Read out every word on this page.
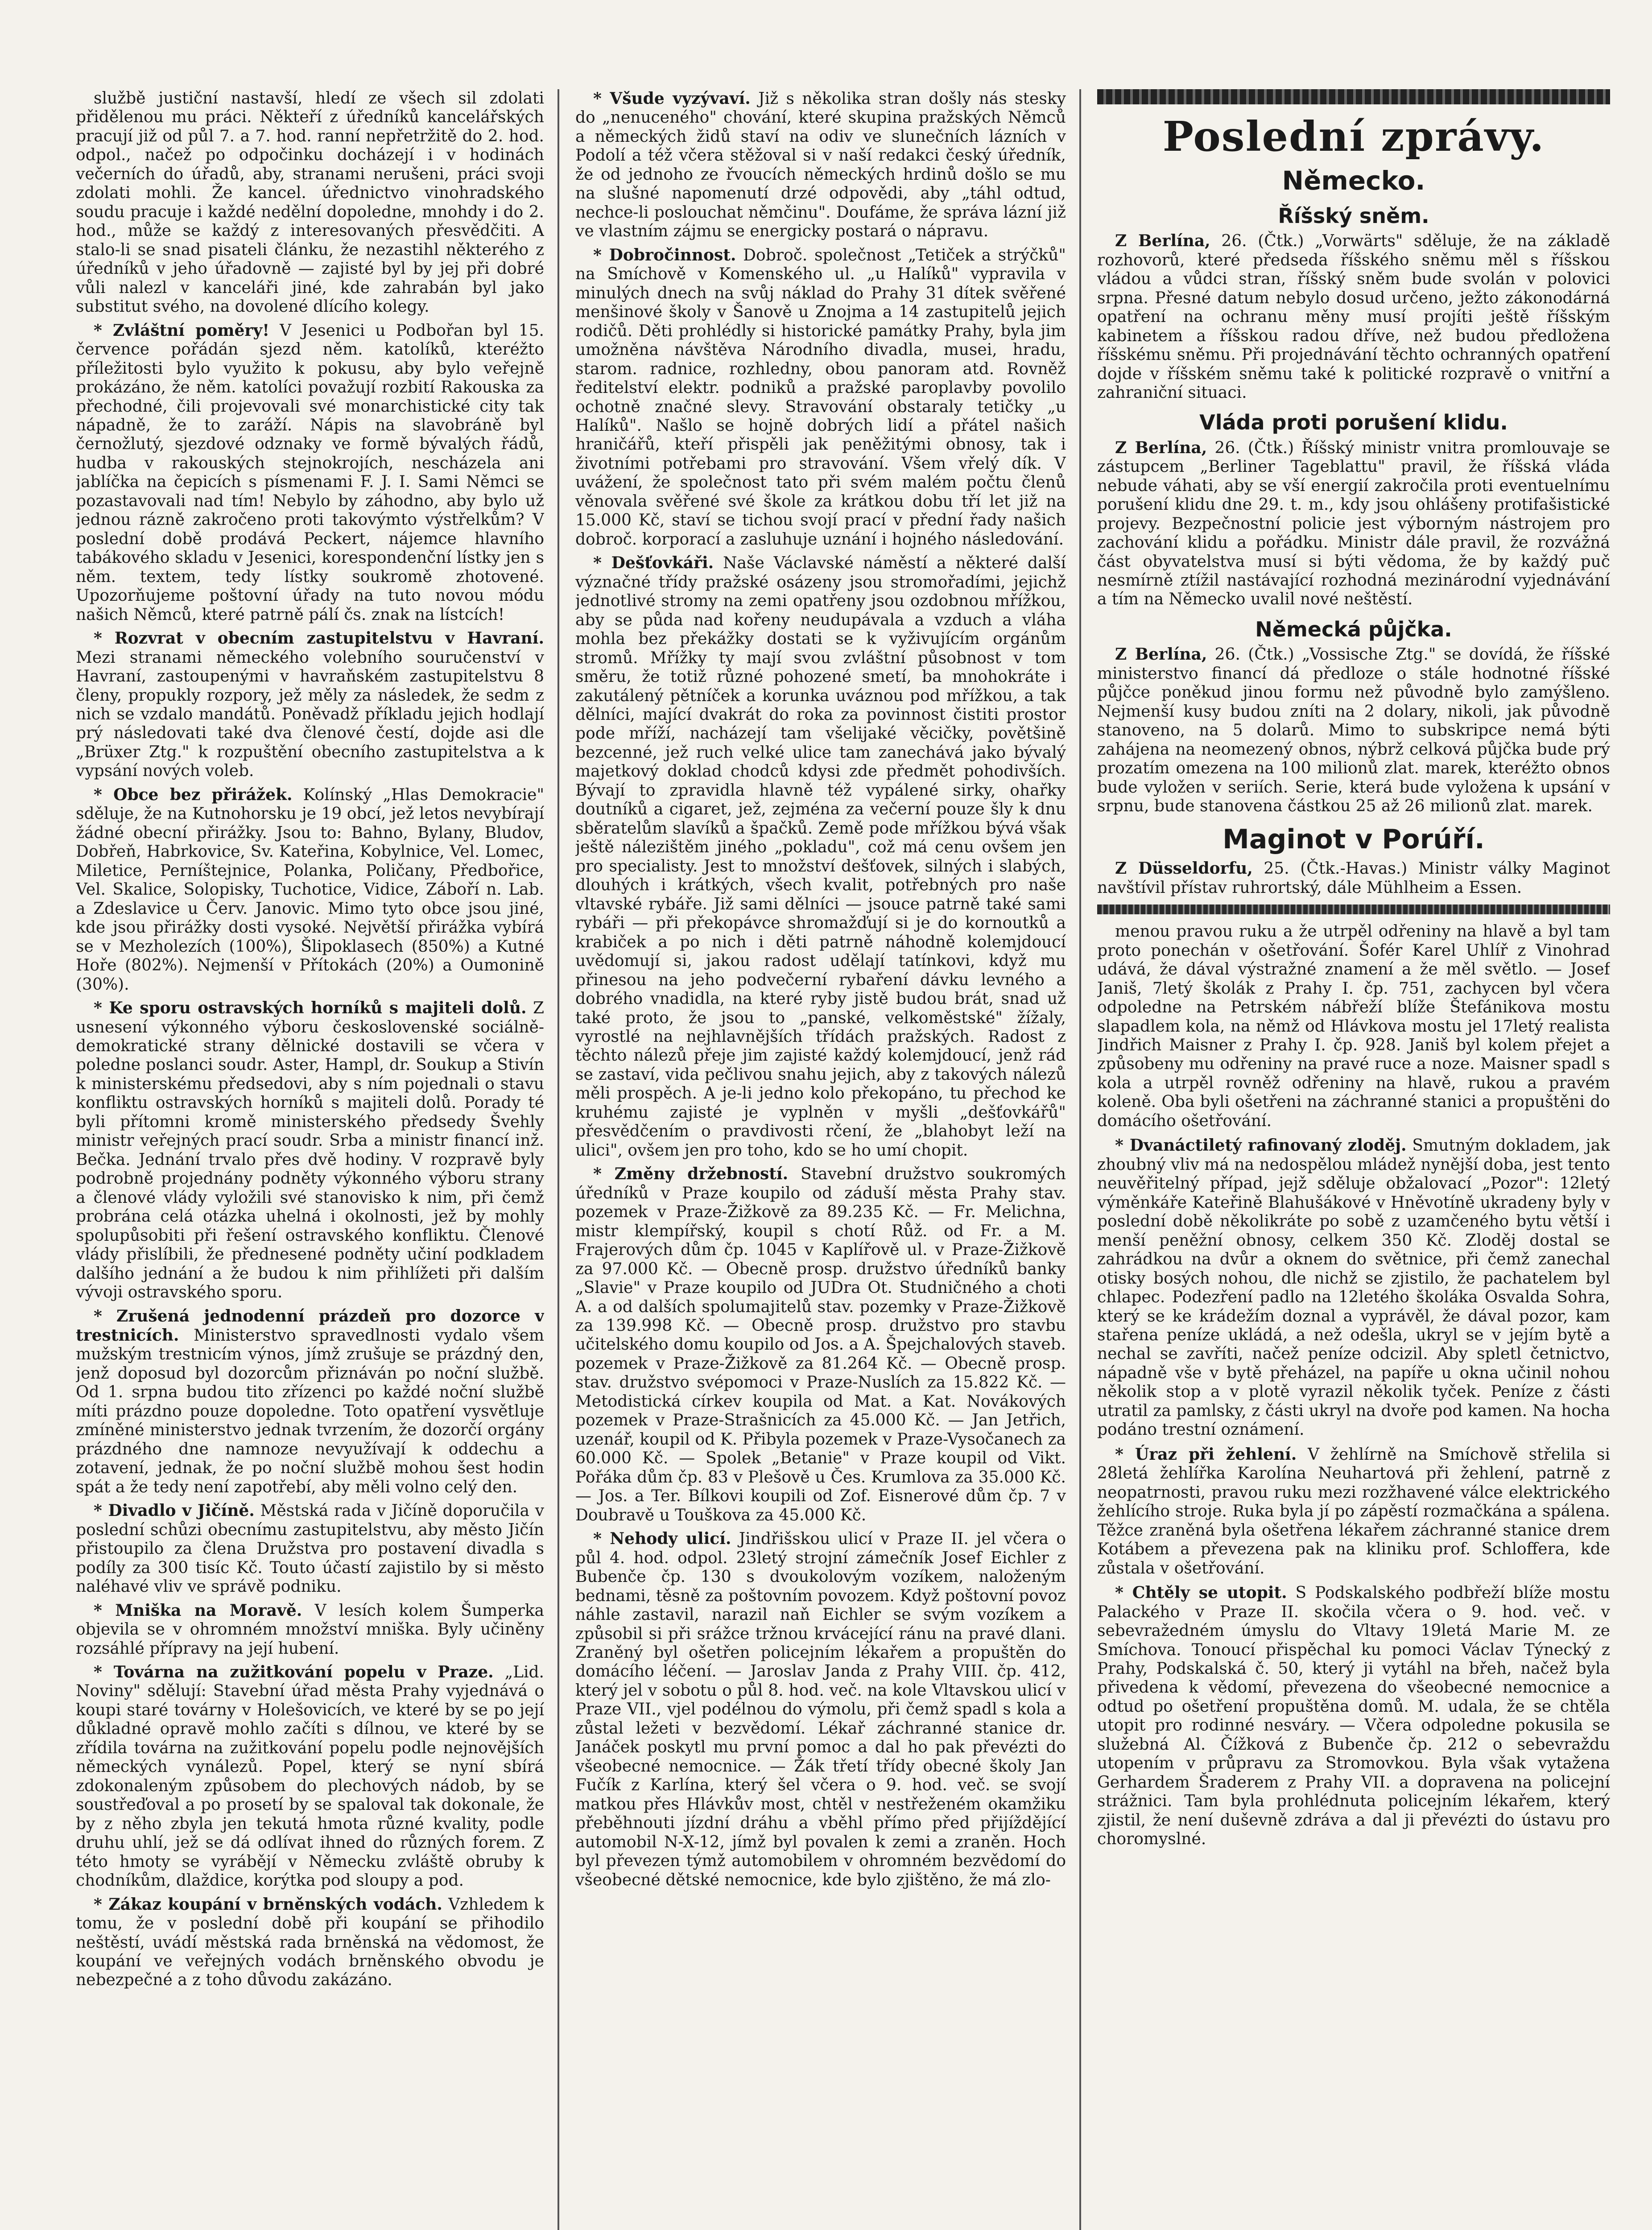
službě justiční nastavší, hledí ze všech sil zdolati přidělenou mu práci. Někteří z úředníků kancelářských pracují již od půl 7. a 7. hod. ranní nepřetržitě do 2. hod. odpol., načež po odpočinku docházejí i v hodinách večerních do úřadů, aby, stranami nerušeni, práci svoji zdolati mohli. Že kancel. úřednictvo vinohradského soudu pracuje i každé nedělní dopoledne, mnohdy i do 2. hod., může se každý z interesovaných přesvědčiti. A stalo-li se snad pisateli článku, že nezastihl některého z úředníků v jeho úřadovně — zajisté byl by jej při dobré vůli nalezl v kanceláři jiné, kde zahrabán byl jako substitut svého, na dovolené dlícího kolegy.

* Zvláštní poměry! V Jesenici u Podbořan byl 15. července pořádán sjezd něm. katolíků, kteréžto příležitosti bylo využito k pokusu, aby bylo veřejně prokázáno, že něm. katolíci považují rozbití Rakouska za přechodné, čili projevovali své monarchistické city tak nápadně, že to zaráží. Nápis na slavobráně byl černožlutý, sjezdové odznaky ve formě bývalých řádů, hudba v rakouských stejnokrojích, nescházela ani jablíčka na čepicích s písmenami F. J. I. Sami Němci se pozastavovali nad tím! Nebylo by záhodno, aby bylo už jednou rázně zakročeno proti takovýmto výstřelkům? V poslední době prodává Peckert, nájemce hlavního tabákového skladu v Jesenici, korespondenční lístky jen s něm. textem, tedy lístky soukromě zhotovené. Upozorňujeme poštovní úřady na tuto novou módu našich Němců, které patrně pálí čs. znak na lístcích!

* Rozvrat v obecním zastupitelstvu v Havraní. Mezi stranami německého volebního souručenství v Havraní, zastoupenými v havraňském zastupitelstvu 8 členy, propukly rozpory, jež měly za následek, že sedm z nich se vzdalo mandátů. Poněvadž příkladu jejich hodlají prý následovati také dva členové čestí, dojde asi dle „Brüxer Ztg." k rozpuštění obecního zastupitelstva a k vypsání nových voleb.

* Obce bez přirážek. Kolínský „Hlas Demokracie" sděluje, že na Kutnohorsku je 19 obcí, jež letos nevybírají žádné obecní přirážky. Jsou to: Bahno, Bylany, Bludov, Dobřeň, Habrkovice, Sv. Kateřina, Kobylnice, Vel. Lomec, Miletice, Perníštejnice, Polanka, Poličany, Předbořice, Vel. Skalice, Solopisky, Tuchotice, Vidice, Záboří n. Lab. a Zdeslavice u Červ. Janovic. Mimo tyto obce jsou jiné, kde jsou přirážky dosti vysoké. Největší přirážka vybírá se v Mezholezích (100%), Šlipoklasech (850%) a Kutné Hoře (802%). Nejmenší v Přítokách (20%) a Oumonině (30%).

* Ke sporu ostravských horníků s majiteli dolů. Z usnesení výkonného výboru československé sociálně-demokratické strany dělnické dostavili se včera v poledne poslanci soudr. Aster, Hampl, dr. Soukup a Stivín k ministerskému předsedovi, aby s ním pojednali o stavu konfliktu ostravských horníků s majiteli dolů. Porady té byli přítomni kromě ministerského předsedy Švehly ministr veřejných prací soudr. Srba a ministr financí inž. Bečka. Jednání trvalo přes dvě hodiny. V rozpravě byly podrobně projednány podněty výkonného výboru strany a členové vlády vyložili své stanovisko k nim, při čemž probrána celá otázka uhelná i okolnosti, jež by mohly spolupůsobiti při řešení ostravského konfliktu. Členové vlády přislíbili, že přednesené podněty učiní podkladem dalšího jednání a že budou k nim přihlížeti při dalším vývoji ostravského sporu.

* Zrušená jednodenní prázdeň pro dozorce v trestnicích. Ministerstvo spravedlnosti vydalo všem mužským trestnicím výnos, jímž zrušuje se prázdný den, jenž doposud byl dozorcům přiznáván po noční službě. Od 1. srpna budou tito zřízenci po každé noční službě míti prázdno pouze dopoledne. Toto opatření vysvětluje zmíněné ministerstvo jednak tvrzením, že dozorčí orgány prázdného dne namnoze nevyužívají k oddechu a zotavení, jednak, že po noční službě mohou šest hodin spát a že tedy není zapotřebí, aby měli volno celý den.

* Divadlo v Jičíně. Městská rada v Jičíně doporučila v poslední schůzi obecnímu zastupitelstvu, aby město Jičín přistoupilo za člena Družstva pro postavení divadla s podíly za 300 tisíc Kč. Touto účastí zajistilo by si město naléhavé vliv ve správě podniku.

* Mniška na Moravě. V lesích kolem Šumperka objevila se v ohromném množství mniška. Byly učiněny rozsáhlé přípravy na její hubení.

* Továrna na zužitkování popelu v Praze. „Lid. Noviny" sdělují: Stavební úřad města Prahy vyjednává o koupi staré továrny v Holešovicích, ve které by se po její důkladné opravě mohlo začíti s dílnou, ve které by se zřídila továrna na zužitkování popelu podle nejnovějších německých vynálezů. Popel, který se nyní sbírá zdokonaleným způsobem do plechových nádob, by se soustřeďoval a po prosetí by se spaloval tak dokonale, že by z něho zbyla jen tekutá hmota různé kvality, podle druhu uhlí, jež se dá odlívat ihned do různých forem. Z této hmoty se vyrábějí v Německu zvláště obruby k chodníkům, dlaždice, korýtka pod sloupy a pod.

* Zákaz koupání v brněnských vodách. Vzhledem k tomu, že v poslední době při koupání se přihodilo neštěstí, uvádí městská rada brněnská na vědomost, že koupání ve veřejných vodách brněnského obvodu je nebezpečné a z toho důvodu zakázáno.

* Všude vyzývaví. Již s několika stran došly nás stesky do „nenuceného" chování, které skupina pražských Němců a německých židů staví na odiv ve slunečních lázních v Podolí a též včera stěžoval si v naší redakci český úředník, že od jednoho ze řvoucích německých hrdinů došlo se mu na slušné napomenutí drzé odpovědi, aby „táhl odtud, nechce-li poslouchat němčinu". Doufáme, že správa lázní již ve vlastním zájmu se energicky postará o nápravu.

* Dobročinnost. Dobroč. společnost „Tetiček a strýčků" na Smíchově v Komenského ul. „u Halíků" vypravila v minulých dnech na svůj náklad do Prahy 31 dítek svěřené menšinové školy v Šanově u Znojma a 14 zastupitelů jejich rodičů. Děti prohlédly si historické památky Prahy, byla jim umožněna návštěva Národního divadla, musei, hradu, starom. radnice, rozhledny, obou panoram atd. Rovněž ředitelství elektr. podniků a pražské paroplavby povolilo ochotně značné slevy. Stravování obstaraly tetičky „u Halíků". Našlo se hojně dobrých lidí a přátel našich hraničářů, kteří přispěli jak peněžitými obnosy, tak i životními potřebami pro stravování. Všem vřelý dík. V uvážení, že společnost tato při svém malém počtu členů věnovala svěřené své škole za krátkou dobu tří let již na 15.000 Kč, staví se tichou svojí prací v přední řady našich dobroč. korporací a zasluhuje uznání i hojného následování.

* Dešťovkáři. Naše Václavské náměstí a některé další význačné třídy pražské osázeny jsou stromořadími, jejichž jednotlivé stromy na zemi opatřeny jsou ozdobnou mřížkou, aby se půda nad kořeny neudupávala a vzduch a vláha mohla bez překážky dostati se k vyživujícím orgánům stromů. Mřížky ty mají svou zvláštní působnost v tom směru, že totiž různé pohozené smetí, ba mnohokráte i zakutálený pětníček a korunka uváznou pod mřížkou, a tak dělníci, mající dvakrát do roka za povinnost čistiti prostor pode mříží, nacházejí tam všelijaké věcičky, povětšině bezcenné, jež ruch velké ulice tam zanechává jako bývalý majetkový doklad chodců kdysi zde předmět pohodivších. Bývají to zpravidla hlavně též vypálené sirky, ohařky doutníků a cigaret, jež, zejména za večerní pouze šly k dnu sběratelům slavíků a špačků. Země pode mřížkou bývá však ještě nálezištěm jiného „pokladu", což má cenu ovšem jen pro specialisty. Jest to množství dešťovek, silných i slabých, dlouhých i krátkých, všech kvalit, potřebných pro naše vltavské rybáře. Již sami dělníci — jsouce patrně také sami rybáři — při překopávce shromažďují si je do kornoutků a krabiček a po nich i děti patrně náhodně kolemjdoucí uvědomují si, jakou radost udělají tatínkovi, když mu přinesou na jeho podvečerní rybaření dávku levného a dobrého vnadidla, na které ryby jistě budou brát, snad už také proto, že jsou to „panské, velkoměstské" žížaly, vyrostlé na nejhlavnějších třídách pražských. Radost z těchto nálezů přeje jim zajisté každý kolemjdoucí, jenž rád se zastaví, vida pečlivou snahu jejich, aby z takových nálezů měli prospěch. A je-li jedno kolo překopáno, tu přechod ke kruhému zajisté je vyplněn v myšli „dešťovkářů" přesvědčením o pravdivosti rčení, že „blahobyt leží na ulici", ovšem jen pro toho, kdo se ho umí chopit.

* Změny držebností. Stavební družstvo soukromých úředníků v Praze koupilo od záduší města Prahy stav. pozemek v Praze-Žižkově za 89.235 Kč. — Fr. Melichna, mistr klempířský, koupil s chotí Růž. od Fr. a M. Frajerových dům čp. 1045 v Kaplířově ul. v Praze-Žižkově za 97.000 Kč. — Obecně prosp. družstvo úředníků banky „Slavie" v Praze koupilo od JUDra Ot. Studničného a choti A. a od dalších spolumajitelů stav. pozemky v Praze-Žižkově za 139.998 Kč. — Obecně prosp. družstvo pro stavbu učitelského domu koupilo od Jos. a A. Špejchalových staveb. pozemek v Praze-Žižkově za 81.264 Kč. — Obecně prosp. stav. družstvo svépomoci v Praze-Nuslích za 15.822 Kč. — Metodistická církev koupila od Mat. a Kat. Novákových pozemek v Praze-Strašnicích za 45.000 Kč. — Jan Jetřich, uzenář, koupil od K. Přibyla pozemek v Praze-Vysočanech za 60.000 Kč. — Spolek „Betanie" v Praze koupil od Vikt. Pořáka dům čp. 83 v Plešově u Čes. Krumlova za 35.000 Kč. — Jos. a Ter. Bílkovi koupili od Zof. Eisnerové dům čp. 7 v Doubravě u Touškova za 45.000 Kč.

* Nehody ulicí. Jindřišskou ulicí v Praze II. jel včera o půl 4. hod. odpol. 23letý strojní zámečník Josef Eichler z Bubenče čp. 130 s dvoukolovým vozíkem, naloženým bednami, těsně za poštovním povozem. Když poštovní povoz náhle zastavil, narazil naň Eichler se svým vozíkem a způsobil si při srážce tržnou krvácející ránu na pravé dlani. Zraněný byl ošetřen policejním lékařem a propuštěn do domácího léčení. — Jaroslav Janda z Prahy VIII. čp. 412, který jel v sobotu o půl 8. hod. več. na kole Vltavskou ulicí v Praze VII., vjel podélnou do výmolu, při čemž spadl s kola a zůstal ležeti v bezvědomí. Lékař záchranné stanice dr. Janáček poskytl mu první pomoc a dal ho pak převézti do všeobecné nemocnice. — Žák třetí třídy obecné školy Jan Fučík z Karlína, který šel včera o 9. hod. več. se svojí matkou přes Hlávkův most, chtěl v nestřeženém okamžiku přeběhnouti jízdní dráhu a vběhl přímo před přijíždějící automobil N-X-12, jímž byl povalen k zemi a zraněn. Hoch byl převezen týmž automobilem v ohromném bezvědomí do všeobecné dětské nemocnice, kde bylo zjištěno, že má zlo-

Poslední zprávy.
Německo.
Říšský sněm.

Z Berlína, 26. (Čtk.) „Vorwärts" sděluje, že na základě rozhovorů, které předseda říšského sněmu měl s říšskou vládou a vůdci stran, říšský sněm bude svolán v polovici srpna. Přesné datum nebylo dosud určeno, ježto zákonodárná opatření na ochranu měny musí projíti ještě říšským kabinetem a říšskou radou dříve, než budou předložena říšskému sněmu. Při projednávání těchto ochranných opatření dojde v říšském sněmu také k politické rozpravě o vnitřní a zahraniční situaci.

Vláda proti porušení klidu.

Z Berlína, 26. (Čtk.) Říšský ministr vnitra promlouvaje se zástupcem „Berliner Tageblattu" pravil, že říšská vláda nebude váhati, aby se vší energií zakročila proti eventuelnímu porušení klidu dne 29. t. m., kdy jsou ohlášeny protifašistické projevy. Bezpečnostní policie jest výborným nástrojem pro zachování klidu a pořádku. Ministr dále pravil, že rozvážná část obyvatelstva musí si býti vědoma, že by každý puč nesmírně ztížil nastávající rozhodná mezinárodní vyjednávání a tím na Německo uvalil nové neštěstí.

Německá půjčka.

Z Berlína, 26. (Čtk.) „Vossische Ztg." se dovídá, že říšské ministerstvo financí dá předloze o stále hodnotné říšské půjčce poněkud jinou formu než původně bylo zamýšleno. Nejmenší kusy budou zníti na 2 dolary, nikoli, jak původně stanoveno, na 5 dolarů. Mimo to subskripce nemá býti zahájena na neomezený obnos, nýbrž celková půjčka bude prý prozatím omezena na 100 milionů zlat. marek, kteréžto obnos bude vyložen v seriích. Serie, která bude vyložena k upsání v srpnu, bude stanovena částkou 25 až 26 milionů zlat. marek.

Maginot v Porúří.

Z Düsseldorfu, 25. (Čtk.-Havas.) Ministr války Maginot navštívil přístav ruhrortský, dále Mühlheim a Essen.

menou pravou ruku a že utrpěl odřeniny na hlavě a byl tam proto ponechán v ošetřování. Šofér Karel Uhlíř z Vinohrad udává, že dával výstražné znamení a že měl světlo. — Josef Janiš, 7letý školák z Prahy I. čp. 751, zachycen byl včera odpoledne na Petrském nábřeží blíže Štefánikova mostu slapadlem kola, na němž od Hlávkova mostu jel 17letý realista Jindřich Maisner z Prahy I. čp. 928. Janiš byl kolem přejet a způsobeny mu odřeniny na pravé ruce a noze. Maisner spadl s kola a utrpěl rovněž odřeniny na hlavě, rukou a pravém koleně. Oba byli ošetřeni na záchranné stanici a propuštěni do domácího ošetřování.

* Dvanáctiletý rafinovaný zloděj. Smutným dokladem, jak zhoubný vliv má na nedospělou mládež nynější doba, jest tento neuvěřitelný případ, jejž sděluje obžalovací „Pozor": 12letý výměnkáře Kateřině Blahušákové v Hněvotíně ukradeny byly v poslední době několikráte po sobě z uzamčeného bytu větší i menší peněžní obnosy, celkem 350 Kč. Zloděj dostal se zahrádkou na dvůr a oknem do světnice, při čemž zanechal otisky bosých nohou, dle nichž se zjistilo, že pachatelem byl chlapec. Podezření padlo na 12letého školáka Osvalda Sohra, který se ke krádežím doznal a vyprávěl, že dával pozor, kam stařena peníze ukládá, a než odešla, ukryl se v jejím bytě a nechal se zavříti, načež peníze odcizil. Aby spletl četnictvo, nápadně vše v bytě přeházel, na papíře u okna učinil nohou několik stop a v plotě vyrazil několik tyček. Peníze z části utratil za pamlsky, z části ukryl na dvoře pod kamen. Na hocha podáno trestní oznámení.

* Úraz při žehlení. V žehlírně na Smíchově střelila si 28letá žehlířka Karolína Neuhartová při žehlení, patrně z neopatrnosti, pravou ruku mezi rozžhavené válce elektrického žehlícího stroje. Ruka byla jí po zápěstí rozmačkána a spálena. Těžce zraněná byla ošetřena lékařem záchranné stanice drem Kotábem a převezena pak na kliniku prof. Schloffera, kde zůstala v ošetřování.

* Chtěly se utopit. S Podskalského podbřeží blíže mostu Palackého v Praze II. skočila včera o 9. hod. več. v sebevražedném úmyslu do Vltavy 19letá Marie M. ze Smíchova. Tonoucí přispěchal ku pomoci Václav Týnecký z Prahy, Podskalská č. 50, který ji vytáhl na břeh, načež byla přivedena k vědomí, převezena do všeobecné nemocnice a odtud po ošetření propuštěna domů. M. udala, že se chtěla utopit pro rodinné nesváry. — Včera odpoledne pokusila se služebná Al. Čížková z Bubenče čp. 212 o sebevraždu utopením v průpravu za Stromovkou. Byla však vytažena Gerhardem Šraderem z Prahy VII. a dopravena na policejní strážnici. Tam byla prohlédnuta policejním lékařem, který zjistil, že není duševně zdráva a dal ji převézti do ústavu pro choromyslné.
